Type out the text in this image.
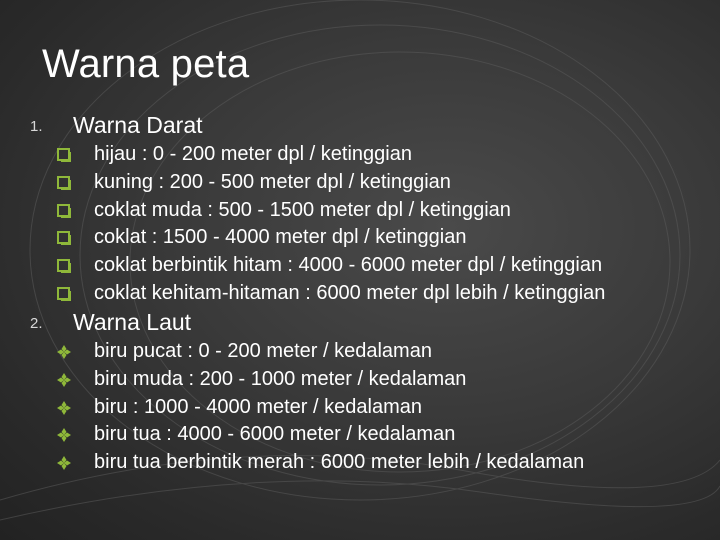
Warna peta
1. Warna Darat
hijau : 0 - 200 meter dpl / ketinggian
kuning : 200 - 500 meter dpl / ketinggian
coklat muda : 500 - 1500 meter dpl / ketinggian
coklat : 1500 - 4000 meter dpl / ketinggian
coklat berbintik hitam : 4000 - 6000 meter dpl / ketinggian
coklat kehitam-hitaman : 6000 meter dpl lebih / ketinggian
2. Warna Laut
biru pucat : 0 - 200 meter / kedalaman
biru muda : 200 - 1000 meter / kedalaman
biru : 1000 - 4000 meter / kedalaman
biru tua : 4000 - 6000 meter / kedalaman
biru tua berbintik merah : 6000 meter lebih / kedalaman
